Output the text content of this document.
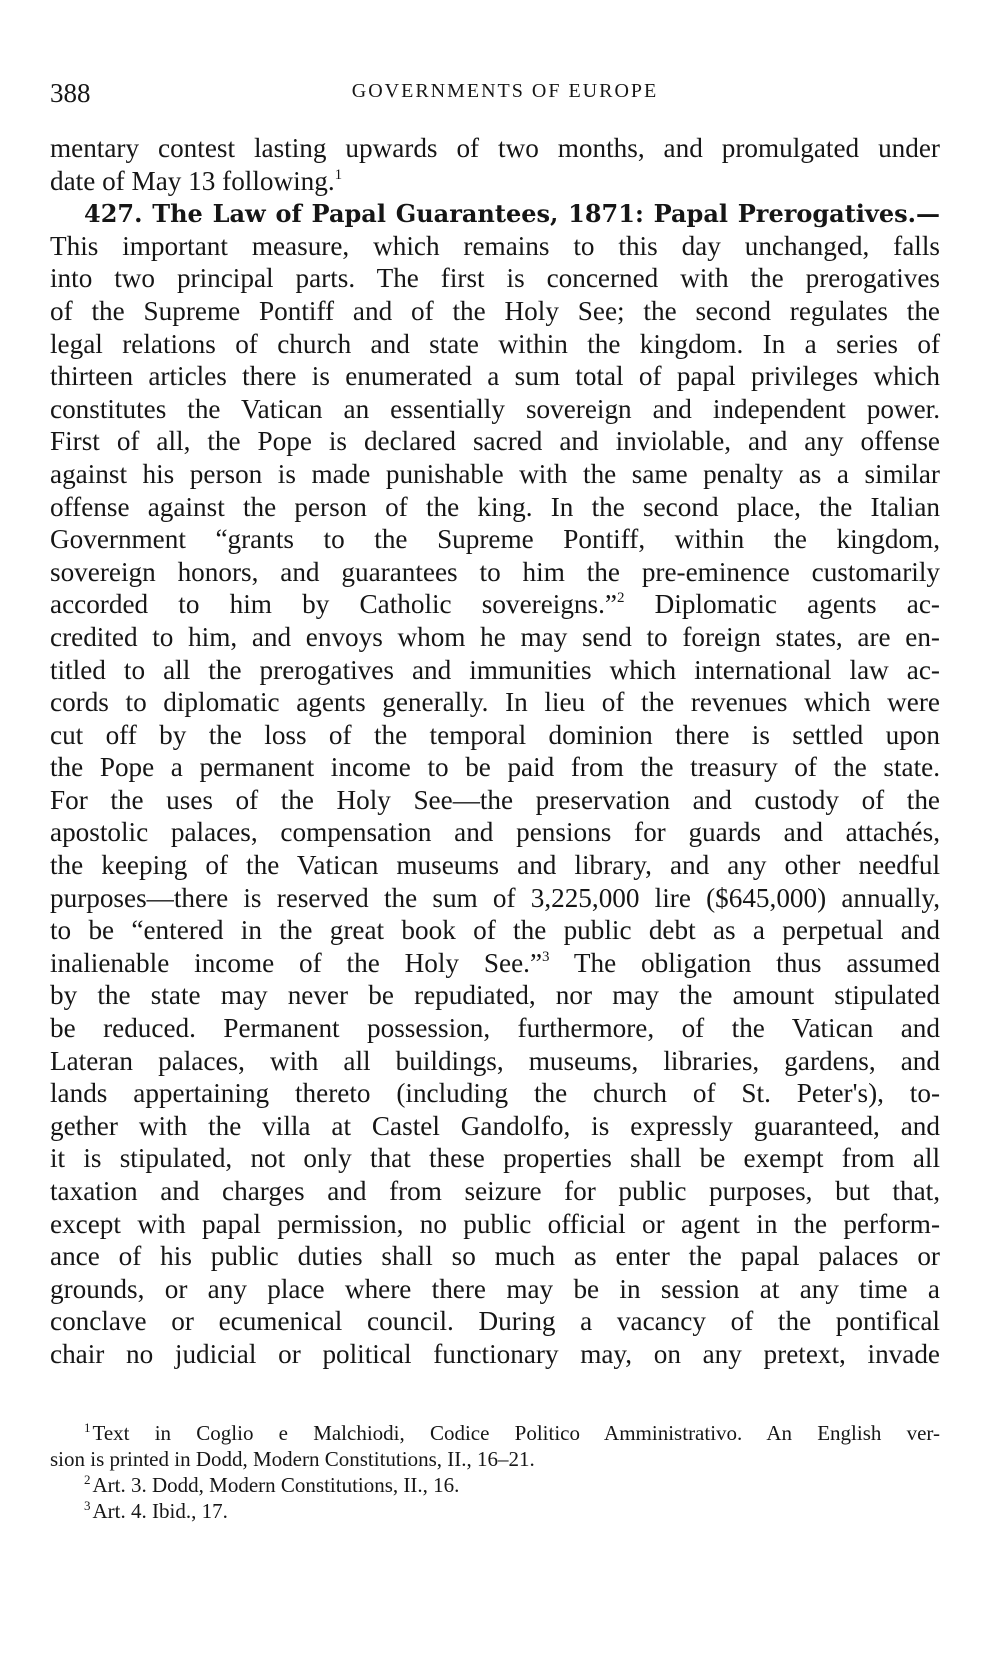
388	GOVERNMENTS OF EUROPE
mentary contest lasting upwards of two months, and promulgated under
date of May 13 following.$^1$
427. The Law of Papal Guarantees, 1871: Papal Prerogatives.—
This important measure, which remains to this day unchanged, falls
into two principal parts. The first is concerned with the prerogatives
of the Supreme Pontiff and of the Holy See; the second regulates the
legal relations of church and state within the kingdom. In a series of
thirteen articles there is enumerated a sum total of papal privileges which
constitutes the Vatican an essentially sovereign and independent power.
First of all, the Pope is declared sacred and inviolable, and any offense
against his person is made punishable with the same penalty as a similar
offense against the person of the king. In the second place, the Italian
Government “grants to the Supreme Pontiff, within the kingdom,
sovereign honors, and guarantees to him the pre-eminence customarily
accorded to him by Catholic sovereigns.”$^2$ Diplomatic agents ac-
credited to him, and envoys whom he may send to foreign states, are en-
titled to all the prerogatives and immunities which international law ac-
cords to diplomatic agents generally. In lieu of the revenues which were
cut off by the loss of the temporal dominion there is settled upon
the Pope a permanent income to be paid from the treasury of the state.
For the uses of the Holy See—the preservation and custody of the
apostolic palaces, compensation and pensions for guards and attachés,
the keeping of the Vatican museums and library, and any other needful
purposes—there is reserved the sum of 3,225,000 lire ($645,000) annually,
to be “entered in the great book of the public debt as a perpetual and
inalienable income of the Holy See.”$^3$ The obligation thus assumed
by the state may never be repudiated, nor may the amount stipulated
be reduced. Permanent possession, furthermore, of the Vatican and
Lateran palaces, with all buildings, museums, libraries, gardens, and
lands appertaining thereto (including the church of St. Peter's), to-
gether with the villa at Castel Gandolfo, is expressly guaranteed, and
it is stipulated, not only that these properties shall be exempt from all
taxation and charges and from seizure for public purposes, but that,
except with papal permission, no public official or agent in the perform-
ance of his public duties shall so much as enter the papal palaces or
grounds, or any place where there may be in session at any time a
conclave or ecumenical council. During a vacancy of the pontifical
chair no judicial or political functionary may, on any pretext, invade
$^1$Text in Coglio e Malchiodi, Codice Politico Amministrativo. An English ver-
sion is printed in Dodd, Modern Constitutions, II., 16–21.
$^2$Art. 3. Dodd, Modern Constitutions, II., 16.
$^3$Art. 4. Ibid., 17.
